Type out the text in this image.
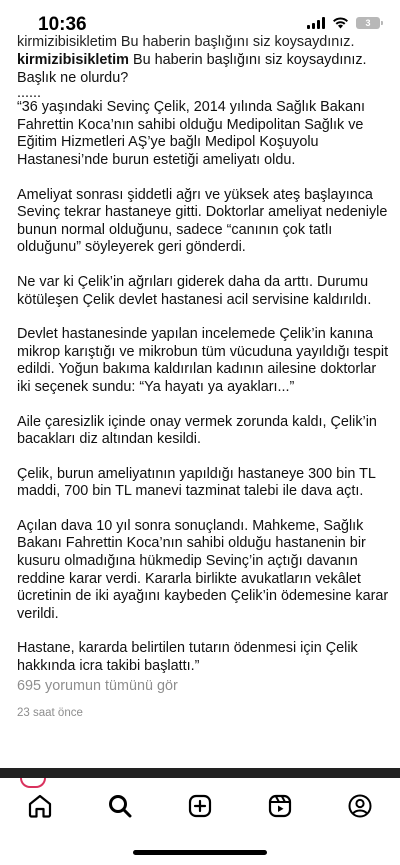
10:36	3
kirmizibisikletim Bu haberin başlığını siz koysaydınız.

kirmizibisikletim Bu haberin başlığını siz koysaydınız. Başlık ne olurdu?

......

“36 yaşındaki Sevinç Çelik, 2014 yılında Sağlık Bakanı Fahrettin Koca’nın sahibi olduğu Medipolitan Sağlık ve Eğitim Hizmetleri AŞ’ye bağlı Medipol Koşuyolu Hastanesi’nde burun estetiği ameliyatı oldu.

Ameliyat sonrası şiddetli ağrı ve yüksek ateş başlayınca Sevinç tekrar hastaneye gitti. Doktorlar ameliyat nedeniyle bunun normal olduğunu, sadece “canının çok tatlı olduğunu” söyleyerek geri gönderdi.

Ne var ki Çelik’in ağrıları giderek daha da arttı. Durumu kötüleşen Çelik devlet hastanesi acil servisine kaldırıldı.

Devlet hastanesinde yapılan incelemede Çelik’in kanına mikrop karıştığı ve mikrobun tüm vücuduna yayıldığı tespit edildi. Yoğun bakıma kaldırılan kadının ailesine doktorlar iki seçenek sundu: “Ya hayatı ya ayakları...”

Aile çaresizlik içinde onay vermek zorunda kaldı, Çelik’in bacakları diz altından kesildi.

Çelik, burun ameliyatının yapıldığı hastaneye 300 bin TL maddi, 700 bin TL manevi tazminat talebi ile dava açtı.

Açılan dava 10 yıl sonra sonuçlandı. Mahkeme, Sağlık Bakanı Fahrettin Koca’nın sahibi olduğu hastanenin bir kusuru olmadığına hükmedip Sevinç’in açtığı davanın reddine karar verdi. Kararla birlikte avukatların vekâlet ücretinin de iki ayağını kaybeden Çelik’in ödemesine karar verildi.

Hastane, kararda belirtilen tutarın ödenmesi için Çelik hakkında icra takibi başlattı.”

695 yorumun tümünü gör
23 saat önce
